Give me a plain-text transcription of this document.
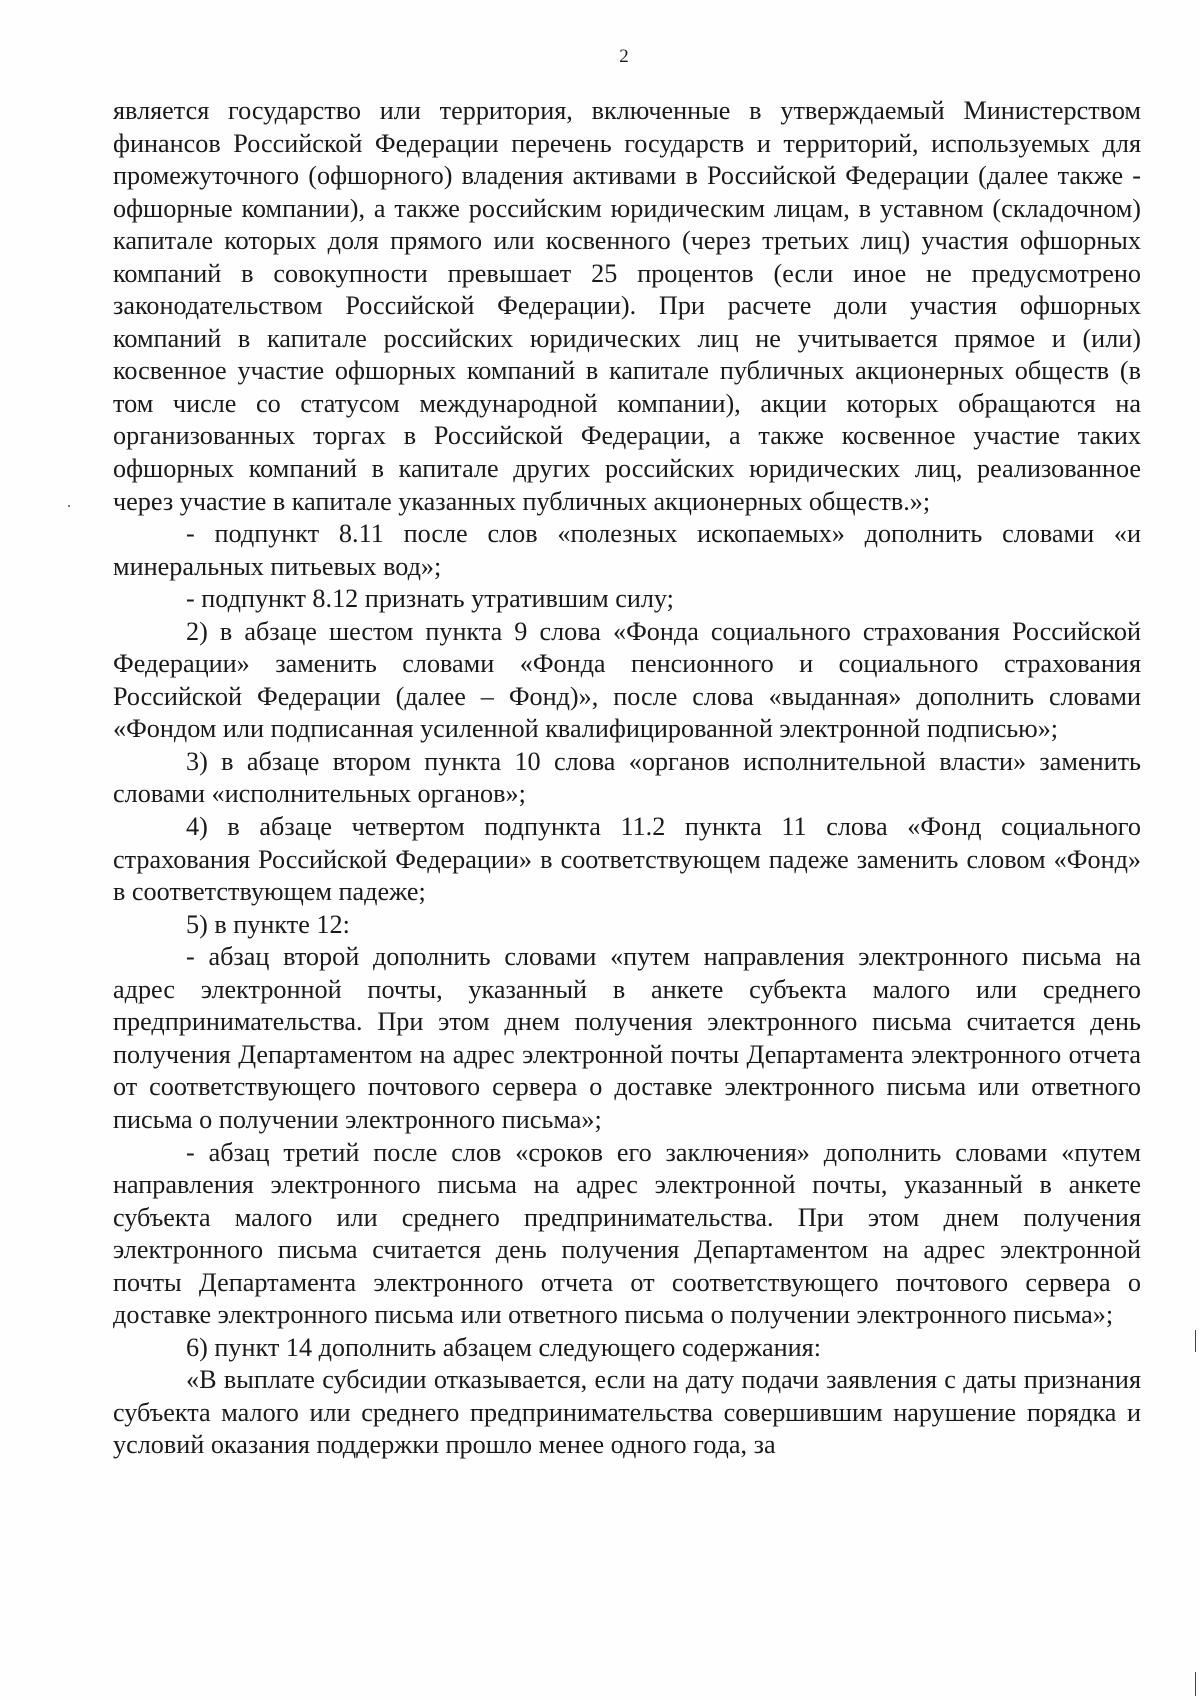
2

является государство или территория, включенные в утверждаемый Министерством финансов Российской Федерации перечень государств и территорий, используемых для промежуточного (офшорного) владения активами в Российской Федерации (далее также - офшорные компании), а также российским юридическим лицам, в уставном (складочном) капитале которых доля прямого или косвенного (через третьих лиц) участия офшорных компаний в совокупности превышает 25 процентов (если иное не предусмотрено законодательством Российской Федерации). При расчете доли участия офшорных компаний в капитале российских юридических лиц не учитывается прямое и (или) косвенное участие офшорных компаний в капитале публичных акционерных обществ (в том числе со статусом международной компании), акции которых обращаются на организованных торгах в Российской Федерации, а также косвенное участие таких офшорных компаний в капитале других российских юридических лиц, реализованное через участие в капитале указанных публичных акционерных обществ.»;

- подпункт 8.11 после слов «полезных ископаемых» дополнить словами «и минеральных питьевых вод»;

- подпункт 8.12 признать утратившим силу;

2) в абзаце шестом пункта 9 слова «Фонда социального страхования Российской Федерации» заменить словами «Фонда пенсионного и социального страхования Российской Федерации (далее – Фонд)», после слова «выданная» дополнить словами «Фондом или подписанная усиленной квалифицированной электронной подписью»;

3) в абзаце втором пункта 10 слова «органов исполнительной власти» заменить словами «исполнительных органов»;

4) в абзаце четвертом подпункта 11.2 пункта 11 слова «Фонд социального страхования Российской Федерации» в соответствующем падеже заменить словом «Фонд» в соответствующем падеже;

5) в пункте 12:

- абзац второй дополнить словами «путем направления электронного письма на адрес электронной почты, указанный в анкете субъекта малого или среднего предпринимательства. При этом днем получения электронного письма считается день получения Департаментом на адрес электронной почты Департамента электронного отчета от соответствующего почтового сервера о доставке электронного письма или ответного письма о получении электронного письма»;

- абзац третий после слов «сроков его заключения» дополнить словами «путем направления электронного письма на адрес электронной почты, указанный в анкете субъекта малого или среднего предпринимательства. При этом днем получения электронного письма считается день получения Департаментом на адрес электронной почты Департамента электронного отчета от соответствующего почтового сервера о доставке электронного письма или ответного письма о получении электронного письма»;

6) пункт 14 дополнить абзацем следующего содержания:

«В выплате субсидии отказывается, если на дату подачи заявления с даты признания субъекта малого или среднего предпринимательства совершившим нарушение порядка и условий оказания поддержки прошло менее одного года, за
